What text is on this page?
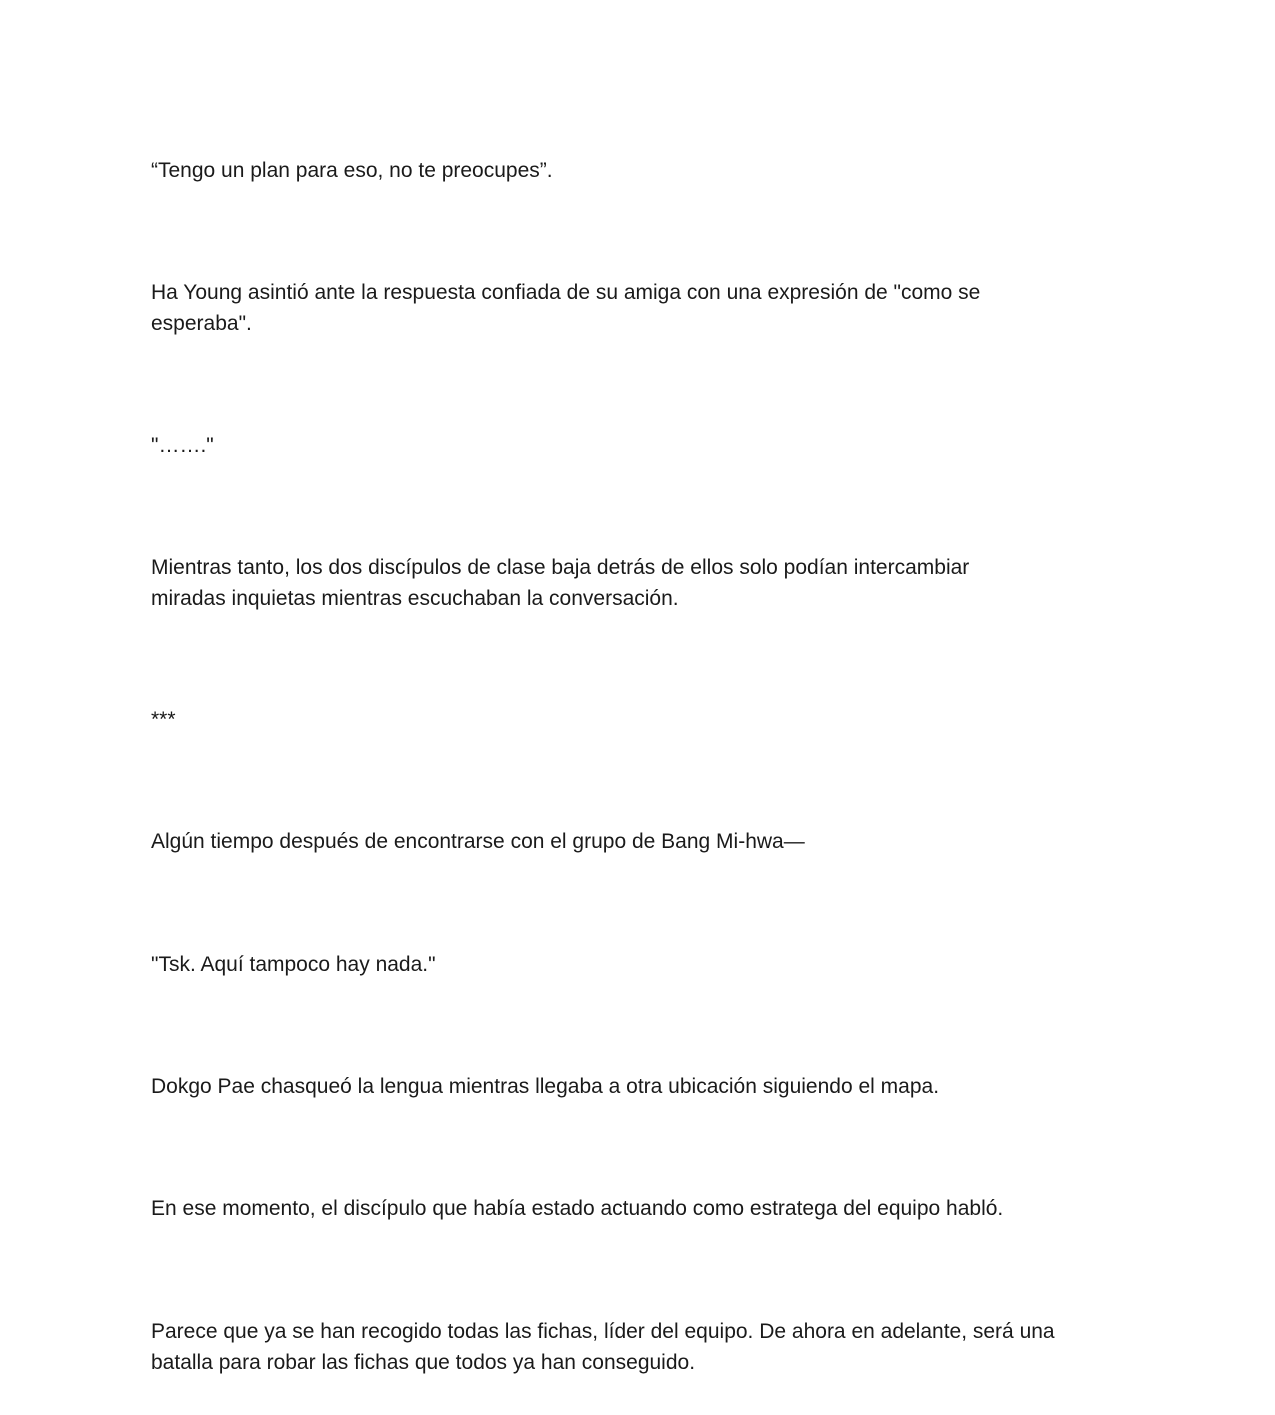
“Tengo un plan para eso, no te preocupes”.

Ha Young asintió ante la respuesta confiada de su amiga con una expresión de "como se
esperaba".

"……."

Mientras tanto, los dos discípulos de clase baja detrás de ellos solo podían intercambiar
miradas inquietas mientras escuchaban la conversación.

***

Algún tiempo después de encontrarse con el grupo de Bang Mi-hwa—

"Tsk. Aquí tampoco hay nada."

Dokgo Pae chasqueó la lengua mientras llegaba a otra ubicación siguiendo el mapa.

En ese momento, el discípulo que había estado actuando como estratega del equipo habló.

Parece que ya se han recogido todas las fichas, líder del equipo. De ahora en adelante, será una
batalla para robar las fichas que todos ya han conseguido.
